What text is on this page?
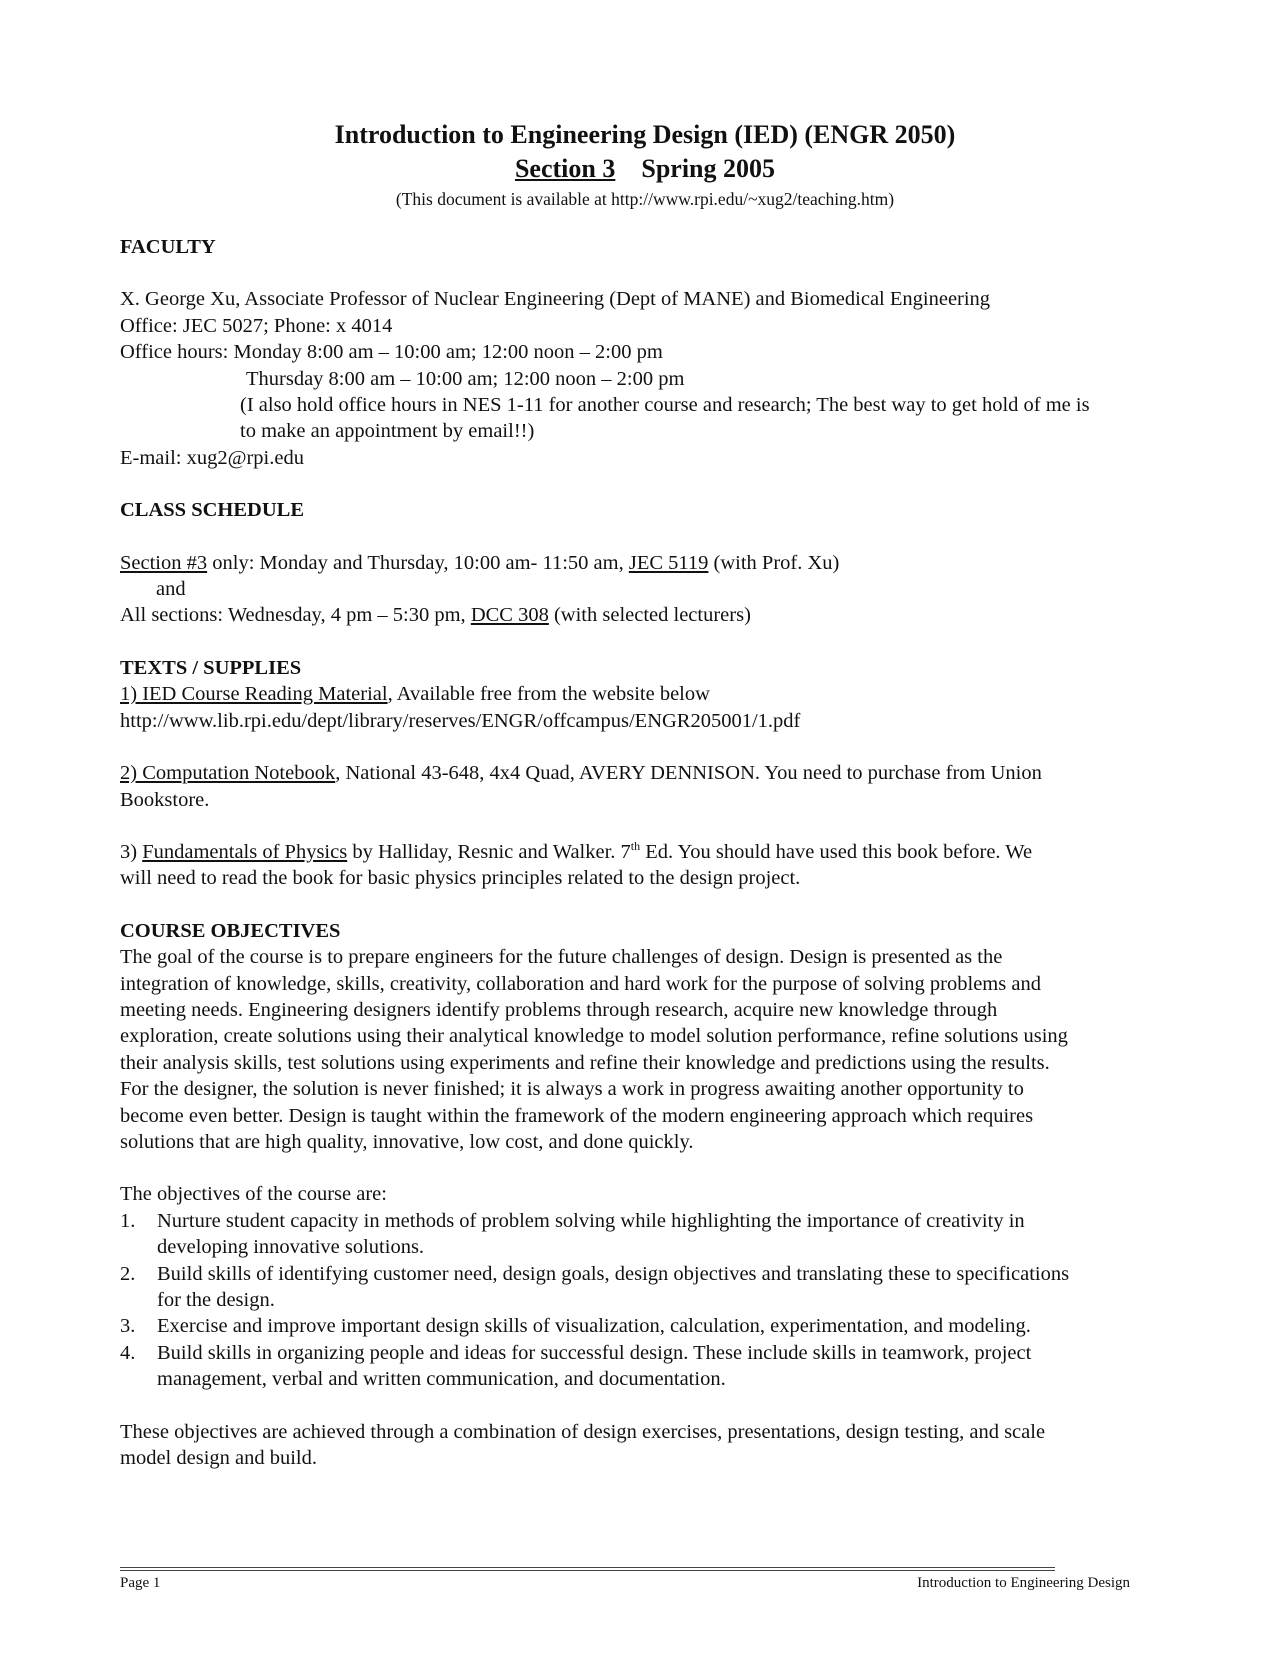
Introduction to Engineering Design (IED) (ENGR 2050)
Section 3 Spring 2005
(This document is available at http://www.rpi.edu/~xug2/teaching.htm)
FACULTY
X. George Xu, Associate Professor of Nuclear Engineering (Dept of MANE) and Biomedical Engineering
Office: JEC 5027; Phone: x 4014
Office hours: Monday 8:00 am – 10:00 am; 12:00 noon – 2:00 pm
Thursday 8:00 am – 10:00 am; 12:00 noon – 2:00 pm
(I also hold office hours in NES 1-11 for another course and research; The best way to get hold of me is
to make an appointment by email!!)
E-mail: xug2@rpi.edu
CLASS SCHEDULE
Section #3 only: Monday and Thursday, 10:00 am- 11:50 am, JEC 5119 (with Prof. Xu)
and
All sections: Wednesday, 4 pm – 5:30 pm, DCC 308 (with selected lecturers)
TEXTS / SUPPLIES
1) IED Course Reading Material, Available free from the website below
http://www.lib.rpi.edu/dept/library/reserves/ENGR/offcampus/ENGR205001/1.pdf
2) Computation Notebook, National 43-648, 4x4 Quad, AVERY DENNISON. You need to purchase from Union
Bookstore.
3) Fundamentals of Physics by Halliday, Resnic and Walker. 7th Ed. You should have used this book before. We
will need to read the book for basic physics principles related to the design project.
COURSE OBJECTIVES
The goal of the course is to prepare engineers for the future challenges of design. Design is presented as the
integration of knowledge, skills, creativity, collaboration and hard work for the purpose of solving problems and
meeting needs. Engineering designers identify problems through research, acquire new knowledge through
exploration, create solutions using their analytical knowledge to model solution performance, refine solutions using
their analysis skills, test solutions using experiments and refine their knowledge and predictions using the results.
For the designer, the solution is never finished; it is always a work in progress awaiting another opportunity to
become even better. Design is taught within the framework of the modern engineering approach which requires
solutions that are high quality, innovative, low cost, and done quickly.
The objectives of the course are:
1.	Nurture student capacity in methods of problem solving while highlighting the importance of creativity in
developing innovative solutions.
2.	Build skills of identifying customer need, design goals, design objectives and translating these to specifications
for the design.
3.	Exercise and improve important design skills of visualization, calculation, experimentation, and modeling.
4.	Build skills in organizing people and ideas for successful design. These include skills in teamwork, project
management, verbal and written communication, and documentation.
These objectives are achieved through a combination of design exercises, presentations, design testing, and scale
model design and build.
Page 1	Introduction to Engineering Design
